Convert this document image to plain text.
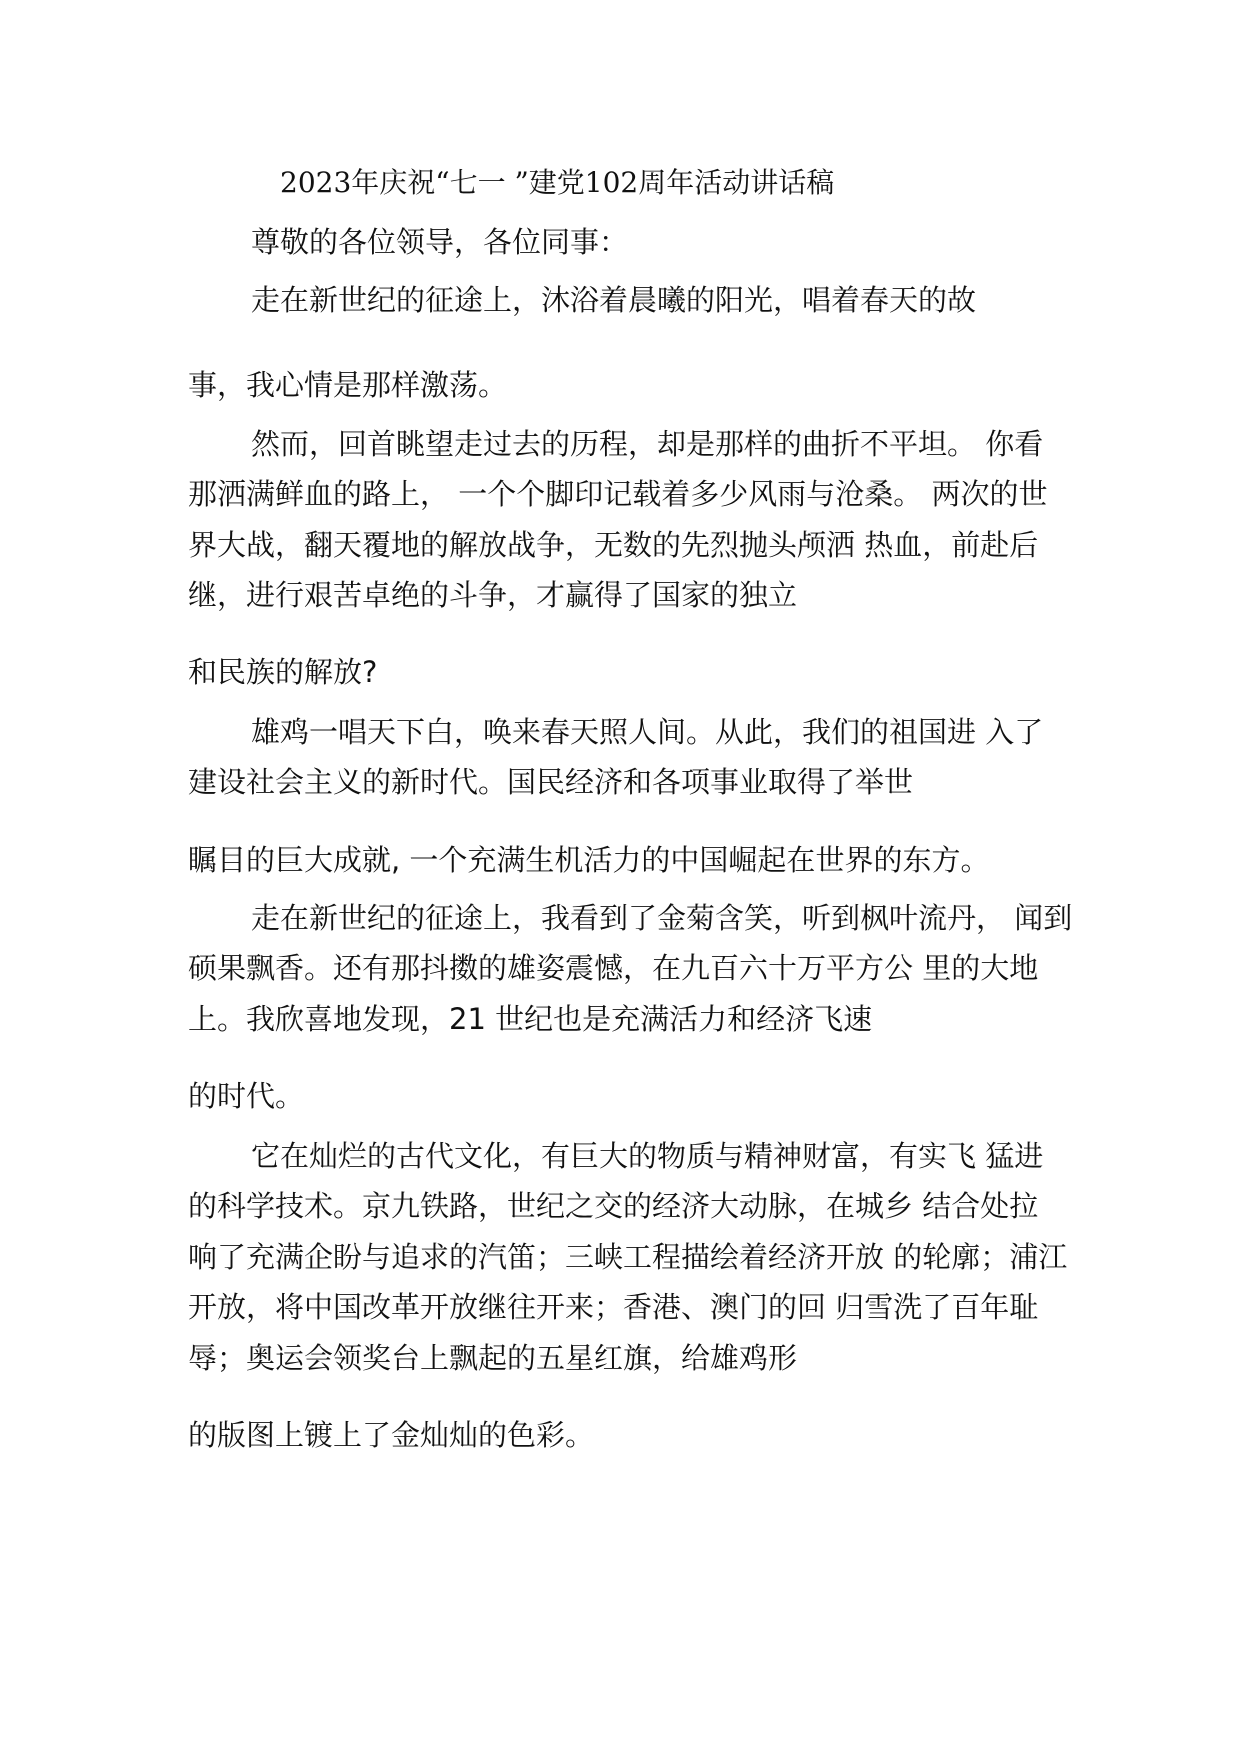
2023年庆祝“七一 ”建党102周年活动讲话稿
尊敬的各位领导，各位同事：
走在新世纪的征途上，沐浴着晨曦的阳光，唱着春天的故
事，我心情是那样激荡。
然而，回首眺望走过去的历程，却是那样的曲折不平坦。 你看
那洒满鲜血的路上， 一个个脚印记载着多少风雨与沧桑。 两次的世
界大战，翻天覆地的解放战争，无数的先烈抛头颅洒 热血，前赴后
继，进行艰苦卓绝的斗争，才赢得了国家的独立
和民族的解放?
雄鸡一唱天下白，唤来春天照人间。从此，我们的祖国进 入了
建设社会主义的新时代。国民经济和各项事业取得了举世
瞩目的巨大成就, 一个充满生机活力的中国崛起在世界的东方。
走在新世纪的征途上，我看到了金菊含笑，听到枫叶流丹， 闻到
硕果飘香。还有那抖擞的雄姿震憾，在九百六十万平方公 里的大地
上。我欣喜地发现，21 世纪也是充满活力和经济飞速
的时代。
它在灿烂的古代文化，有巨大的物质与精神财富，有实飞 猛进
的科学技术。京九铁路，世纪之交的经济大动脉，在城乡 结合处拉
响了充满企盼与追求的汽笛；三峡工程描绘着经济开放 的轮廓；浦江
开放，将中国改革开放继往开来；香港、澳门的回 归雪洗了百年耻
辱；奥运会领奖台上飘起的五星红旗，给雄鸡形
的版图上镀上了金灿灿的色彩。
